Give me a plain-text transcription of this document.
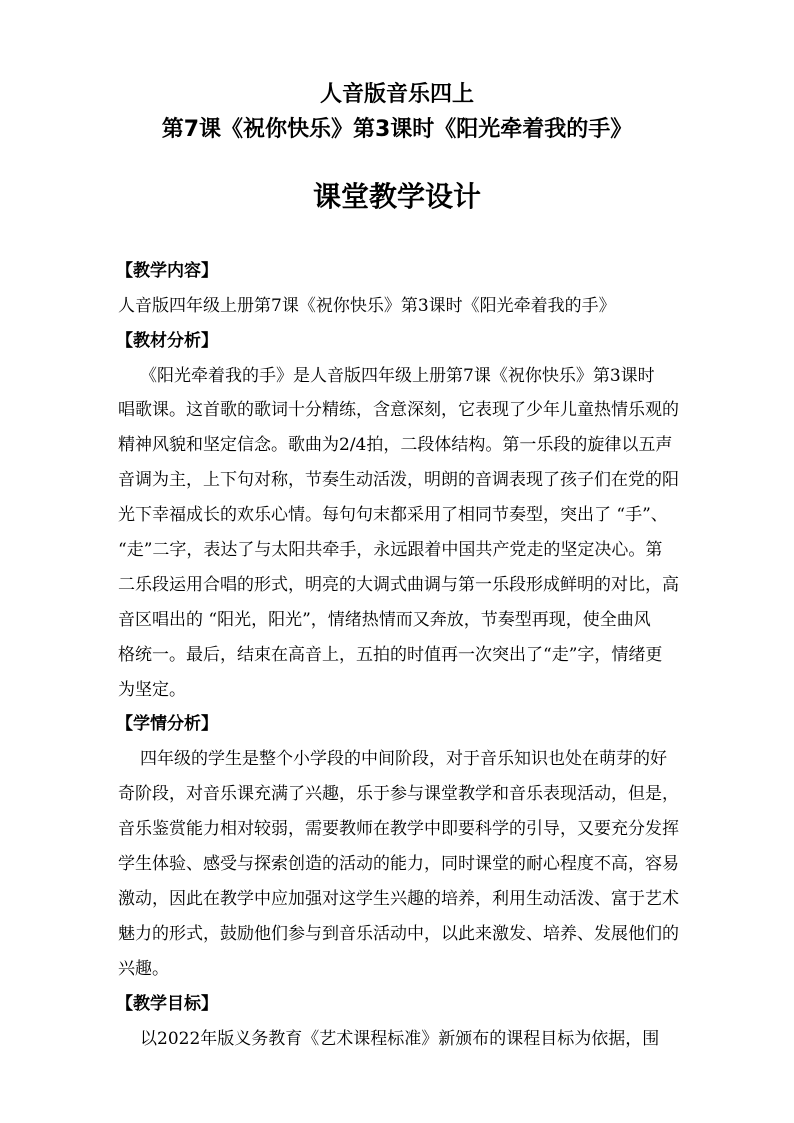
人音版音乐四上
第7课《祝你快乐》第3课时《阳光牵着我的手》
课堂教学设计
【教学内容】
人音版四年级上册第7课《祝你快乐》第3课时《阳光牵着我的手》
【教材分析】
《阳光牵着我的手》是人音版四年级上册第7课《祝你快乐》第3课时
唱歌课。这首歌的歌词十分精练，含意深刻，它表现了少年儿童热情乐观的
精神风貌和坚定信念。歌曲为2/4拍，二段体结构。第一乐段的旋律以五声
音调为主，上下句对称，节奏生动活泼，明朗的音调表现了孩子们在党的阳
光下幸福成长的欢乐心情。每句句末都采用了相同节奏型，突出了 “手”、
“走”二字，表达了与太阳共牵手，永远跟着中国共产党走的坚定决心。第
二乐段运用合唱的形式，明亮的大调式曲调与第一乐段形成鲜明的对比，高
音区唱出的 “阳光，阳光”，情绪热情而又奔放，节奏型再现，使全曲风
格统一。最后，结束在高音上，五拍的时值再一次突出了“走”字，情绪更
为坚定。
【学情分析】
四年级的学生是整个小学段的中间阶段，对于音乐知识也处在萌芽的好
奇阶段，对音乐课充满了兴趣，乐于参与课堂教学和音乐表现活动，但是，
音乐鉴赏能力相对较弱，需要教师在教学中即要科学的引导，又要充分发挥
学生体验、感受与探索创造的活动的能力，同时课堂的耐心程度不高，容易
激动，因此在教学中应加强对这学生兴趣的培养，利用生动活泼、富于艺术
魅力的形式，鼓励他们参与到音乐活动中，以此来激发、培养、发展他们的
兴趣。
【教学目标】
以2022年版义务教育《艺术课程标准》新颁布的课程目标为依据，围
